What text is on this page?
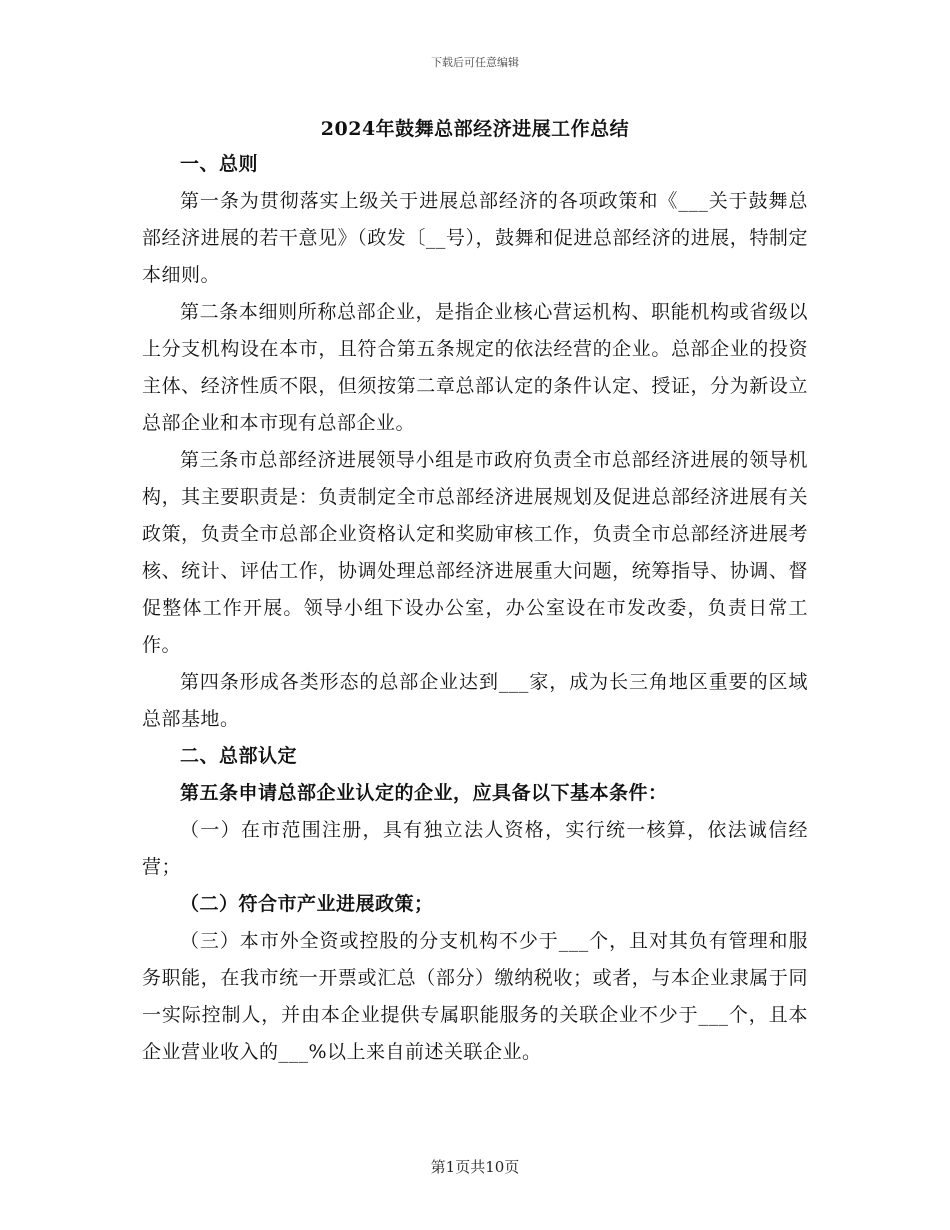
下载后可任意编辑
2024年鼓舞总部经济进展工作总结

一、总则

第一条为贯彻落实上级关于进展总部经济的各项政策和《___关于鼓舞总部经济进展的若干意见》（政发〔__号），鼓舞和促进总部经济的进展，特制定本细则。

第二条本细则所称总部企业，是指企业核心营运机构、职能机构或省级以上分支机构设在本市，且符合第五条规定的依法经营的企业。总部企业的投资主体、经济性质不限，但须按第二章总部认定的条件认定、授证，分为新设立总部企业和本市现有总部企业。

第三条市总部经济进展领导小组是市政府负责全市总部经济进展的领导机构，其主要职责是：负责制定全市总部经济进展规划及促进总部经济进展有关政策，负责全市总部企业资格认定和奖励审核工作，负责全市总部经济进展考核、统计、评估工作，协调处理总部经济进展重大问题，统筹指导、协调、督促整体工作开展。领导小组下设办公室，办公室设在市发改委，负责日常工作。

第四条形成各类形态的总部企业达到___家，成为长三角地区重要的区域总部基地。

二、总部认定

第五条申请总部企业认定的企业，应具备以下基本条件：

（一）在市范围注册，具有独立法人资格，实行统一核算，依法诚信经营；

（二）符合市产业进展政策；

（三）本市外全资或控股的分支机构不少于___个，且对其负有管理和服务职能，在我市统一开票或汇总（部分）缴纳税收；或者，与本企业隶属于同一实际控制人，并由本企业提供专属职能服务的关联企业不少于___个，且本企业营业收入的___%以上来自前述关联企业。

第1页共10页
